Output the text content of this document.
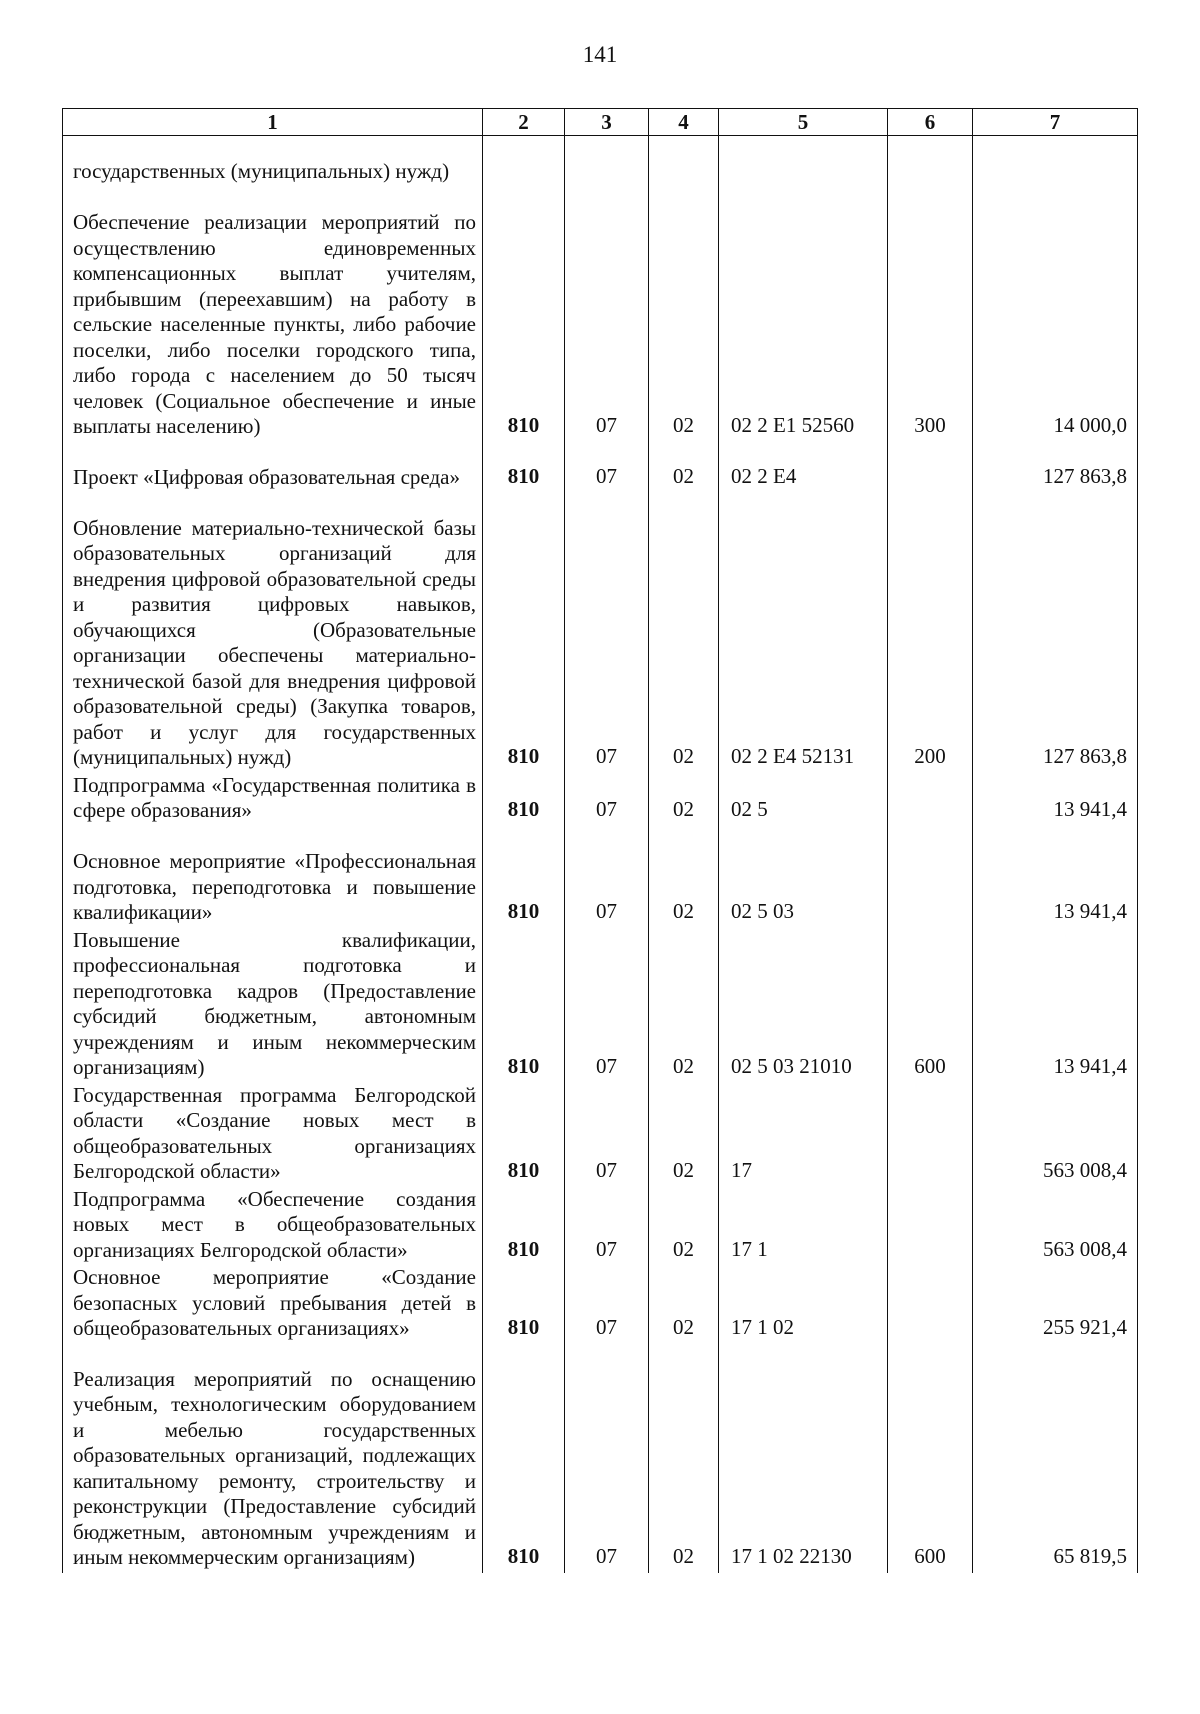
141
1	2	3	4	5	6	7
государственных (муниципальных) нужд)						
Обеспечение реализации мероприятий по осуществлению единовременных компенсационных выплат учителям, прибывшим (переехавшим) на работу в сельские населенные пункты, либо рабочие поселки, либо поселки городского типа, либо города с населением до 50 тысяч человек (Социальное обеспечение и иные выплаты населению)	810	07	02	02 2 Е1 52560	300	14 000,0
Проект «Цифровая образовательная среда»	810	07	02	02 2 Е4		127 863,8
Обновление материально-технической базы образовательных организаций для внедрения цифровой образовательной среды и развития цифровых навыков, обучающихся (Образовательные организации обеспечены материально-технической базой для внедрения цифровой образовательной среды) (Закупка товаров, работ и услуг для государственных (муниципальных) нужд)	810	07	02	02 2 Е4 52131	200	127 863,8
Подпрограмма «Государственная политика в сфере образования»	810	07	02	02 5		13 941,4
Основное мероприятие «Профессиональная подготовка, переподготовка и повышение квалификации»	810	07	02	02 5 03		13 941,4
Повышение квалификации, профессиональная подготовка и переподготовка кадров (Предоставление субсидий бюджетным, автономным учреждениям и иным некоммерческим организациям)	810	07	02	02 5 03 21010	600	13 941,4
Государственная программа Белгородской области «Создание новых мест в общеобразовательных организациях Белгородской области»	810	07	02	17		563 008,4
Подпрограмма «Обеспечение создания новых мест в общеобразовательных организациях Белгородской области»	810	07	02	17 1		563 008,4
Основное мероприятие «Создание безопасных условий пребывания детей в общеобразовательных организациях»	810	07	02	17 1 02		255 921,4
Реализация мероприятий по оснащению учебным, технологическим оборудованием и мебелью государственных образовательных организаций, подлежащих капитальному ремонту, строительству и реконструкции (Предоставление субсидий бюджетным, автономным учреждениям и иным некоммерческим организациям)	810	07	02	17 1 02 22130	600	65 819,5
